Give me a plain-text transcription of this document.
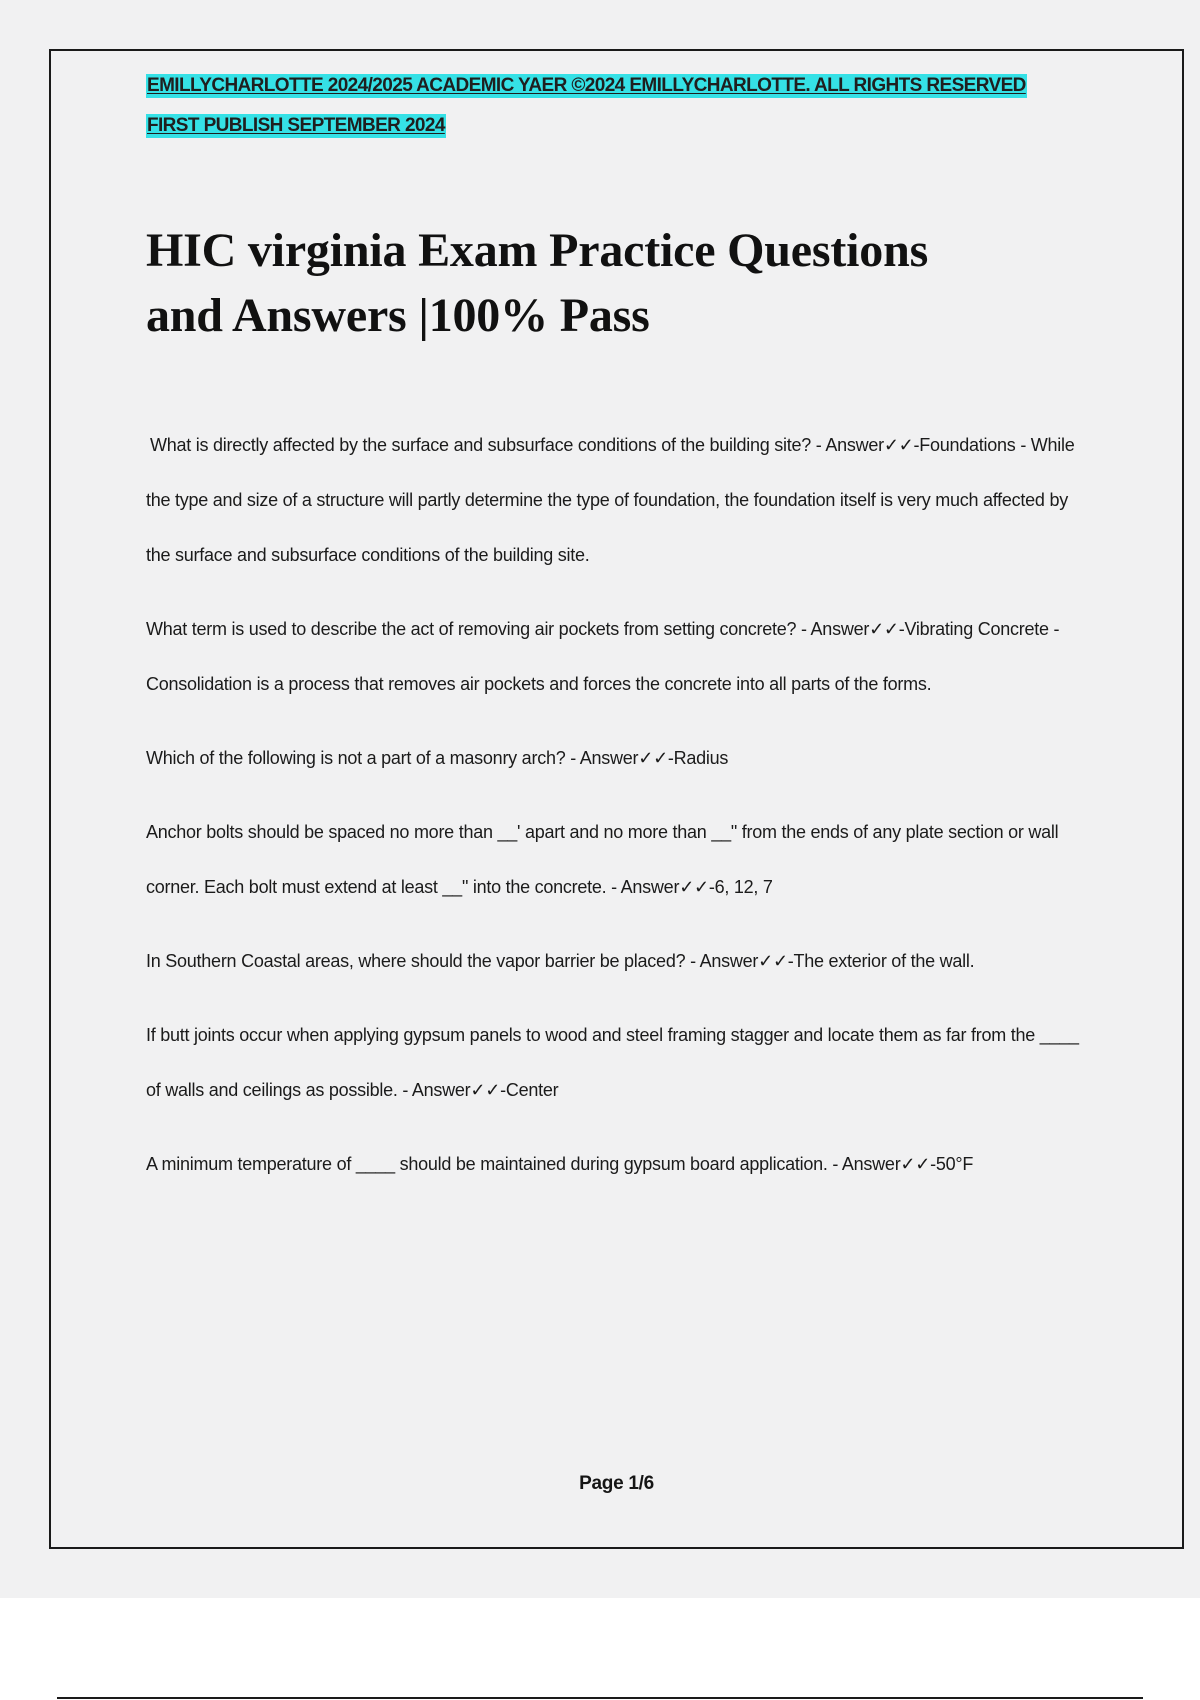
EMILLYCHARLOTTE 2024/2025 ACADEMIC YAER ©2024 EMILLYCHARLOTTE. ALL RIGHTS RESERVED
FIRST PUBLISH SEPTEMBER 2024
HIC virginia Exam Practice Questions
and Answers |100% Pass

What is directly affected by the surface and subsurface conditions of the building site? - Answer✓✓-Foundations - While the type and size of a structure will partly determine the type of foundation, the foundation itself is very much affected by the surface and subsurface conditions of the building site.

What term is used to describe the act of removing air pockets from setting concrete? - Answer✓✓-Vibrating Concrete - Consolidation is a process that removes air pockets and forces the concrete into all parts of the forms.

Which of the following is not a part of a masonry arch? - Answer✓✓-Radius

Anchor bolts should be spaced no more than __' apart and no more than __" from the ends of any plate section or wall corner. Each bolt must extend at least __" into the concrete. - Answer✓✓-6, 12, 7

In Southern Coastal areas, where should the vapor barrier be placed? - Answer✓✓-The exterior of the wall.

If butt joints occur when applying gypsum panels to wood and steel framing stagger and locate them as far from the ____ of walls and ceilings as possible. - Answer✓✓-Center

A minimum temperature of ____ should be maintained during gypsum board application. - Answer✓✓-50°F

Page 1/6
